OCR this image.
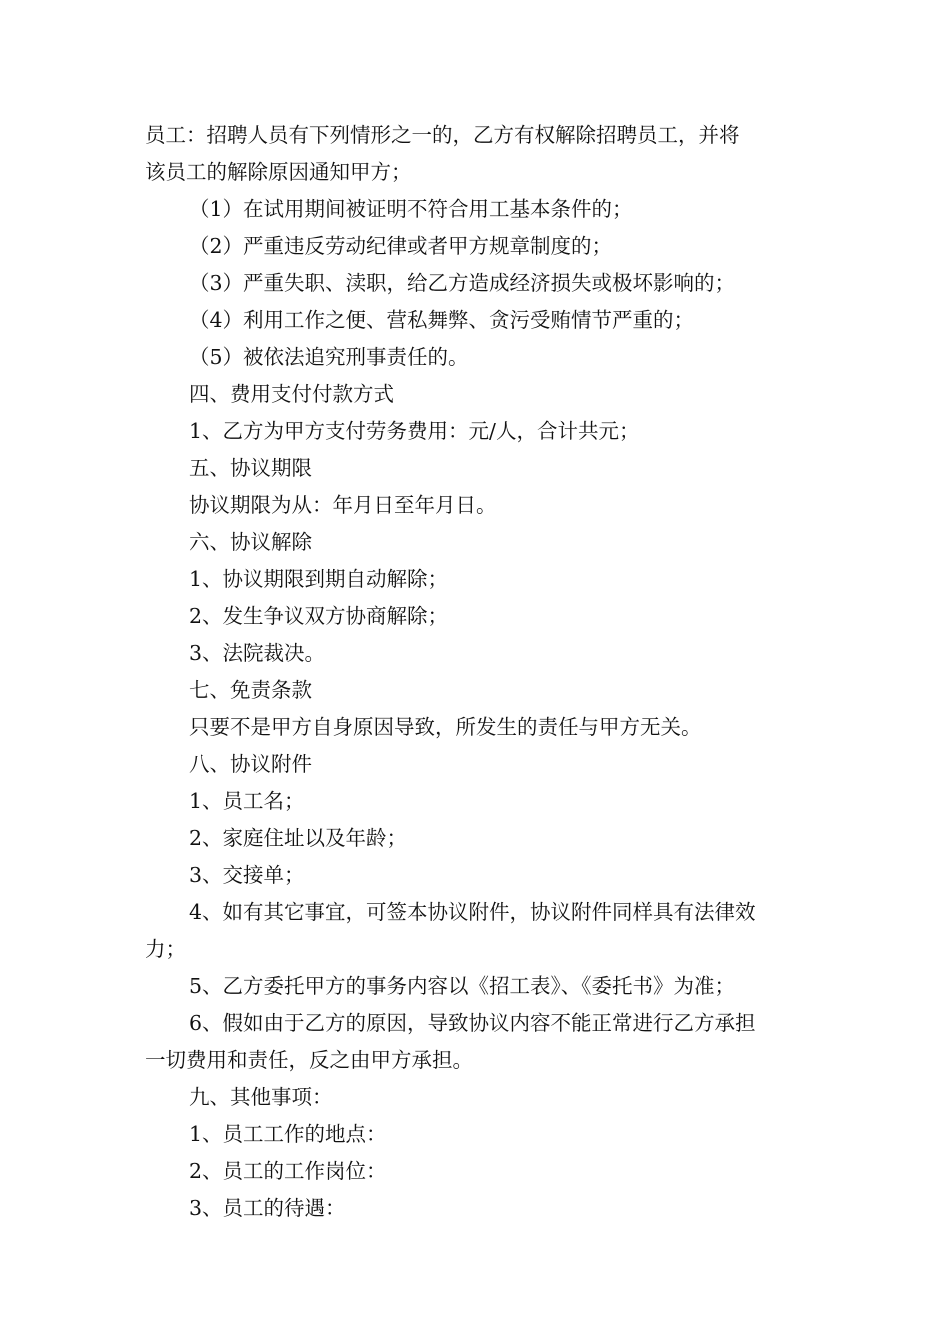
员工：招聘人员有下列情形之一的，乙方有权解除招聘员工，并将
该员工的解除原因通知甲方；
（1）在试用期间被证明不符合用工基本条件的；
（2）严重违反劳动纪律或者甲方规章制度的；
（3）严重失职、渎职，给乙方造成经济损失或极坏影响的；
（4）利用工作之便、营私舞弊、贪污受贿情节严重的；
（5）被依法追究刑事责任的。
四、费用支付付款方式
1、乙方为甲方支付劳务费用：元/人，合计共元；
五、协议期限
协议期限为从：年月日至年月日。
六、协议解除
1、协议期限到期自动解除；
2、发生争议双方协商解除；
3、法院裁决。
七、免责条款
只要不是甲方自身原因导致，所发生的责任与甲方无关。
八、协议附件
1、员工名；
2、家庭住址以及年龄；
3、交接单；
4、如有其它事宜，可签本协议附件，协议附件同样具有法律效
力；
5、乙方委托甲方的事务内容以《招工表》、《委托书》为准；
6、假如由于乙方的原因，导致协议内容不能正常进行乙方承担
一切费用和责任，反之由甲方承担。
九、其他事项：
1、员工工作的地点：
2、员工的工作岗位：
3、员工的待遇：
